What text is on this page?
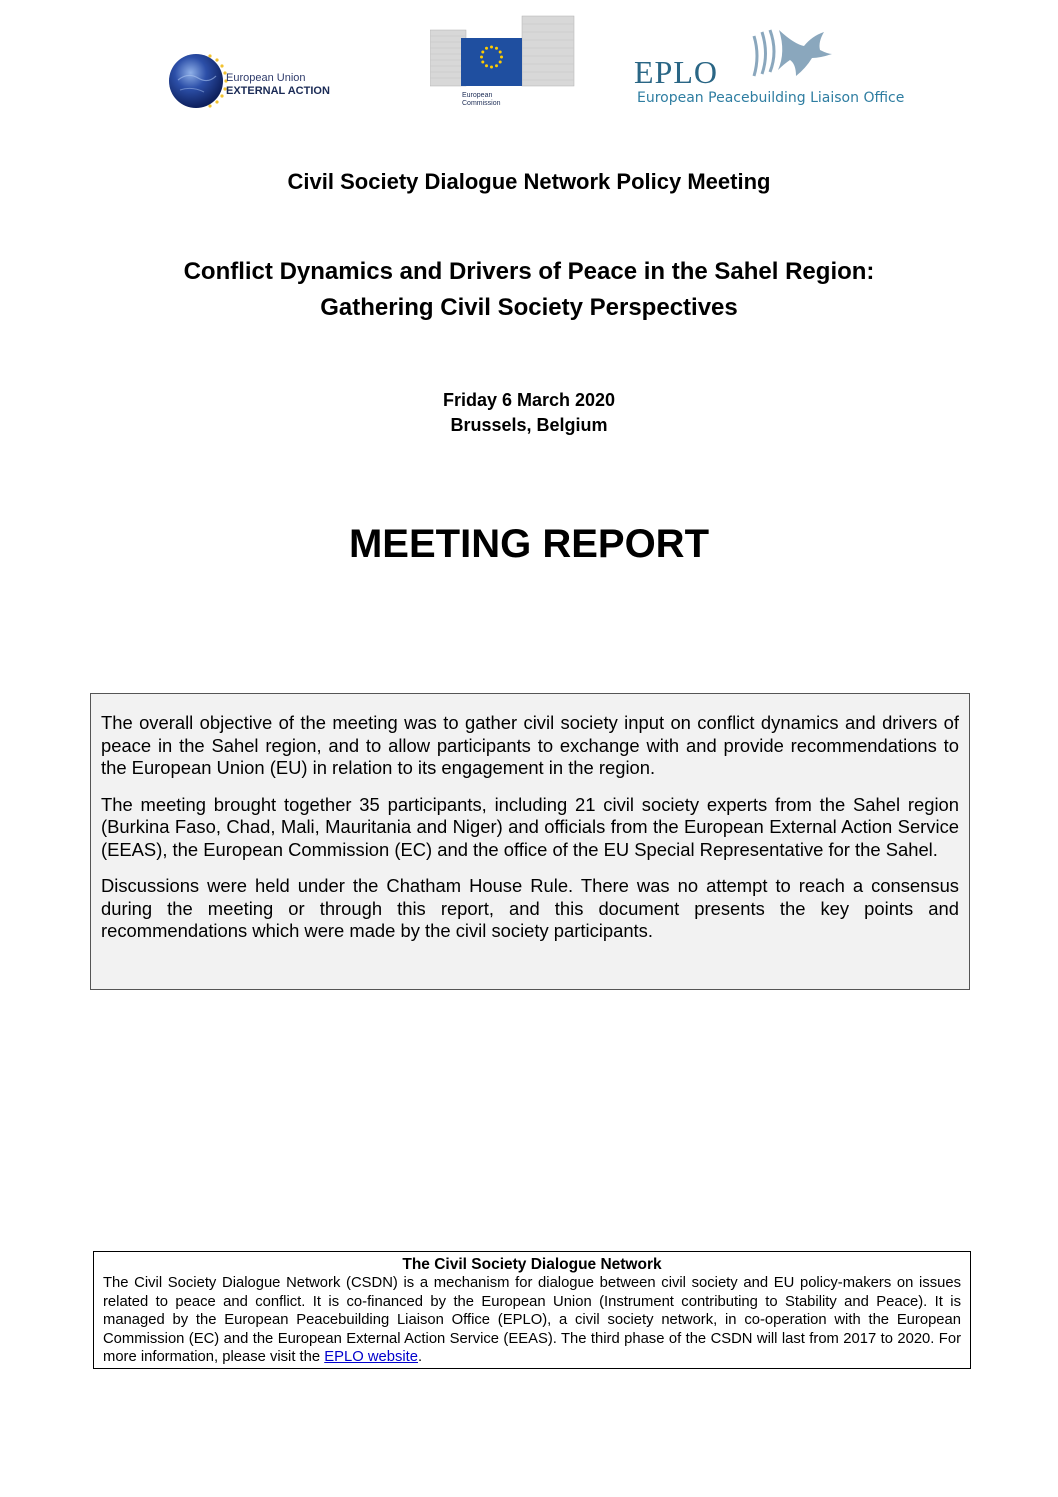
European Union
EXTERNAL ACTION	European
Commission
EPLO
European Peacebuilding Liaison Office
Civil Society Dialogue Network Policy Meeting
Conflict Dynamics and Drivers of Peace in the Sahel Region:
Gathering Civil Society Perspectives
Friday 6 March 2020
Brussels, Belgium
MEETING REPORT

The overall objective of the meeting was to gather civil society input on conflict dynamics and drivers of peace in the Sahel region, and to allow participants to exchange with and provide recommendations to the European Union (EU) in relation to its engagement in the region.

The meeting brought together 35 participants, including 21 civil society experts from the Sahel region (Burkina Faso, Chad, Mali, Mauritania and Niger) and officials from the European External Action Service (EEAS), the European Commission (EC) and the office of the EU Special Representative for the Sahel.

Discussions were held under the Chatham House Rule. There was no attempt to reach a consensus during the meeting or through this report, and this document presents the key points and recommendations which were made by the civil society participants.

The Civil Society Dialogue Network

The Civil Society Dialogue Network (CSDN) is a mechanism for dialogue between civil society and EU policy-makers on issues related to peace and conflict. It is co-financed by the European Union (Instrument contributing to Stability and Peace). It is managed by the European Peacebuilding Liaison Office (EPLO), a civil society network, in co-operation with the European Commission (EC) and the European External Action Service (EEAS). The third phase of the CSDN will last from 2017 to 2020. For more information, please visit the EPLO website.
